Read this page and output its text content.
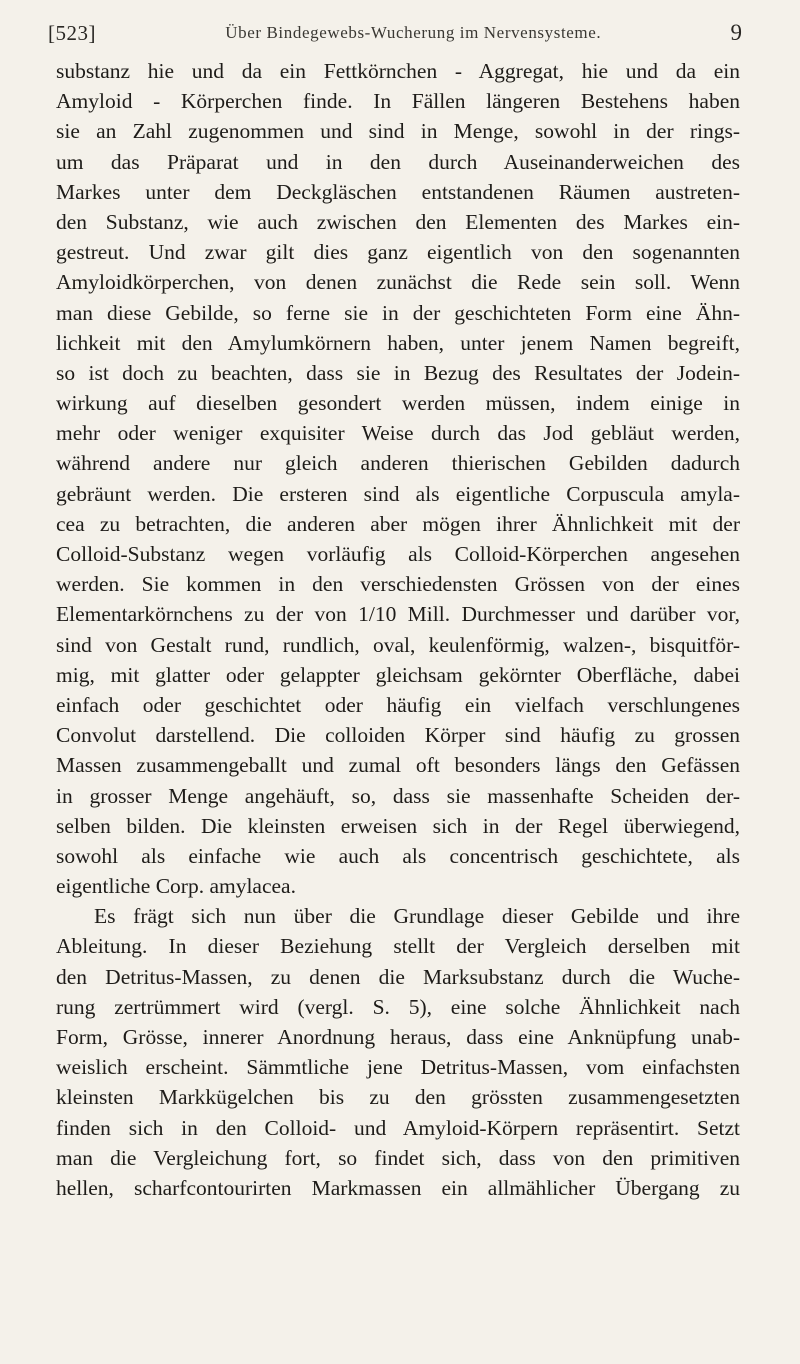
[523]	Über Bindegewebs-Wucherung im Nervensysteme.	9
substanz hie und da ein Fettkörnchen - Aggregat, hie und da ein
Amyloid - Körperchen finde. In Fällen längeren Bestehens haben
sie an Zahl zugenommen und sind in Menge, sowohl in der rings-
um das Präparat und in den durch Auseinanderweichen des
Markes unter dem Deckgläschen entstandenen Räumen austreten-
den Substanz, wie auch zwischen den Elementen des Markes ein-
gestreut. Und zwar gilt dies ganz eigentlich von den sogenannten
Amyloidkörperchen, von denen zunächst die Rede sein soll. Wenn
man diese Gebilde, so ferne sie in der geschichteten Form eine Ähn-
lichkeit mit den Amylumkörnern haben, unter jenem Namen begreift,
so ist doch zu beachten, dass sie in Bezug des Resultates der Jodein-
wirkung auf dieselben gesondert werden müssen, indem einige in
mehr oder weniger exquisiter Weise durch das Jod gebläut werden,
während andere nur gleich anderen thierischen Gebilden dadurch
gebräunt werden. Die ersteren sind als eigentliche Corpuscula amyla-
cea zu betrachten, die anderen aber mögen ihrer Ähnlichkeit mit der
Colloid-Substanz wegen vorläufig als Colloid-Körperchen angesehen
werden. Sie kommen in den verschiedensten Grössen von der eines
Elementarkörnchens zu der von 1/10 Mill. Durchmesser und darüber vor,
sind von Gestalt rund, rundlich, oval, keulenförmig, walzen-, bisquitför-
mig, mit glatter oder gelappter gleichsam gekörnter Oberfläche, dabei
einfach oder geschichtet oder häufig ein vielfach verschlungenes
Convolut darstellend. Die colloiden Körper sind häufig zu grossen
Massen zusammengeballt und zumal oft besonders längs den Gefässen
in grosser Menge angehäuft, so, dass sie massenhafte Scheiden der-
selben bilden. Die kleinsten erweisen sich in der Regel überwiegend,
sowohl als einfache wie auch als concentrisch geschichtete, als
eigentliche Corp. amylacea.
Es frägt sich nun über die Grundlage dieser Gebilde und ihre
Ableitung. In dieser Beziehung stellt der Vergleich derselben mit
den Detritus-Massen, zu denen die Marksubstanz durch die Wuche-
rung zertrümmert wird (vergl. S. 5), eine solche Ähnlichkeit nach
Form, Grösse, innerer Anordnung heraus, dass eine Anknüpfung unab-
weislich erscheint. Sämmtliche jene Detritus-Massen, vom einfachsten
kleinsten Markkügelchen bis zu den grössten zusammengesetzten
finden sich in den Colloid- und Amyloid-Körpern repräsentirt. Setzt
man die Vergleichung fort, so findet sich, dass von den primitiven
hellen, scharfcontourirten Markmassen ein allmählicher Übergang zu
